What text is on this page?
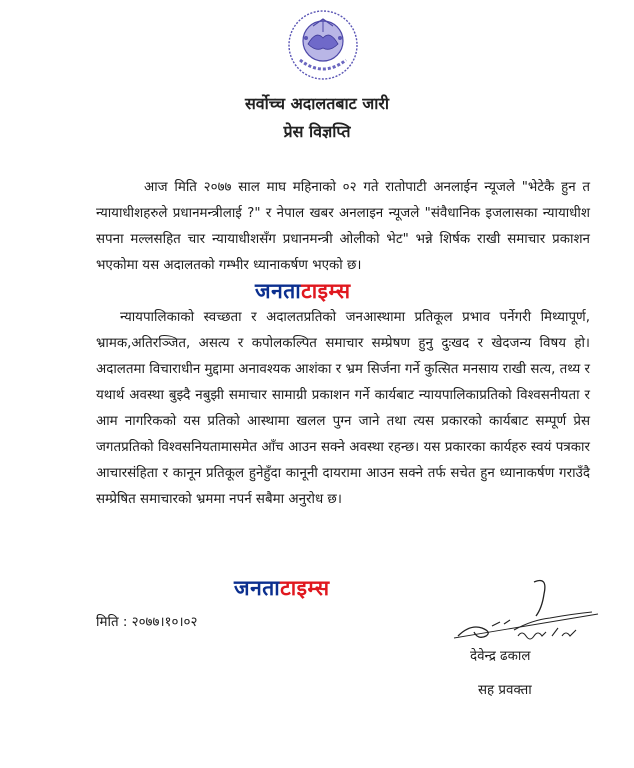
सर्वोच्च अदालतबाट जारी
प्रेस विज्ञप्ति
आज मिति २०७७ साल माघ महिनाको ०२ गते रातोपाटी अनलाईन न्यूजले "भेटेकै हुन त न्यायाधीशहरुले प्रधानमन्त्रीलाई ?" र नेपाल खबर अनलाइन न्यूजले "संवैधानिक इजलासका न्यायाधीश सपना मल्लसहित चार न्यायाधीशसँग प्रधानमन्त्री ओलीको भेट" भन्ने शिर्षक राखी समाचार प्रकाशन भएकोमा यस अदालतको गम्भीर ध्यानाकर्षण भएको छ।
न्यायपालिकाको स्वच्छता र अदालतप्रतिको जनआस्थामा प्रतिकूल प्रभाव पर्नेगरी मिथ्यापूर्ण, भ्रामक,अतिरञ्जित, असत्य र कपोलकल्पित समाचार सम्प्रेषण हुनु दुःखद र खेदजन्य विषय हो। अदालतमा विचाराधीन मुद्दामा अनावश्यक आशंका र भ्रम सिर्जना गर्ने कुत्सित मनसाय राखी सत्य, तथ्य र यथार्थ अवस्था बुझ्दै नबुझी समाचार सामाग्री प्रकाशन गर्ने कार्यबाट न्यायपालिकाप्रतिको विश्वसनीयता र आम नागरिकको यस प्रतिको आस्थामा खलल पुग्न जाने तथा त्यस प्रकारको कार्यबाट सम्पूर्ण प्रेस जगतप्रतिको विश्वसनियतामासमेत आँच आउन सक्ने अवस्था रहन्छ। यस प्रकारका कार्यहरु स्वयं पत्रकार आचारसंहिता र कानून प्रतिकूल हुनेहुँदा कानूनी दायरामा आउन सक्ने तर्फ सचेत हुन ध्यानाकर्षण गराउँदै सम्प्रेषित समाचारको भ्रममा नपर्न सबैमा अनुरोध छ।
जनताटाइम्स
जनताटाइम्स
मिति : २०७७।१०।०२
देवेन्द्र ढकाल
सह प्रवक्ता
